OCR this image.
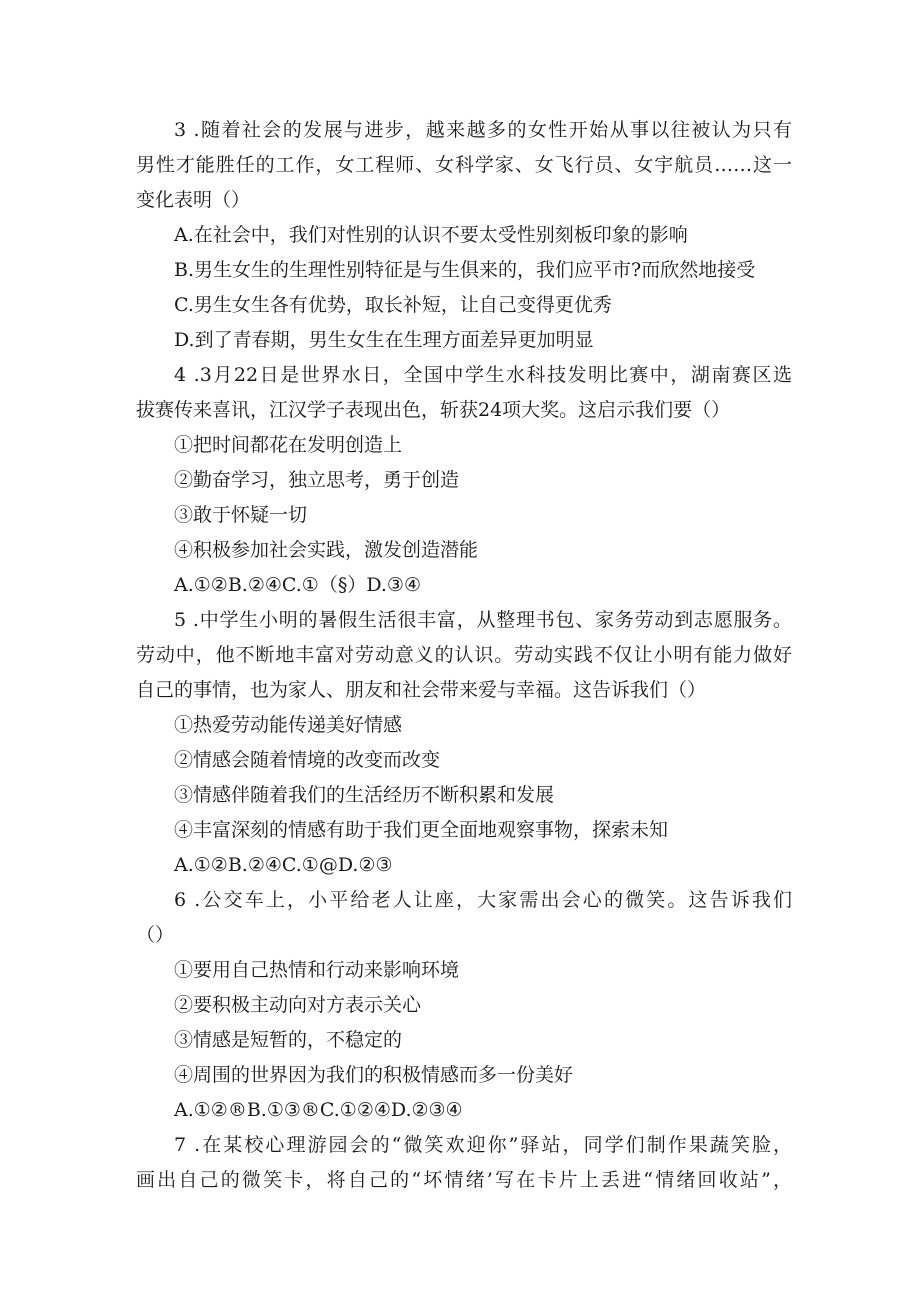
3 .随着社会的发展与进步，越来越多的女性开始从事以往被认为只有
男性才能胜任的工作，女工程师、女科学家、女飞行员、女宇航员……这一
变化表明（）
A.在社会中，我们对性别的认识不要太受性别刻板印象的影响
B.男生女生的生理性别特征是与生俱来的，我们应平市?而欣然地接受
C.男生女生各有优势，取长补短，让自己变得更优秀
D.到了青春期，男生女生在生理方面差异更加明显
4 .3月22日是世界水日，全国中学生水科技发明比赛中，湖南赛区选
拔赛传来喜讯，江汉学子表现出色，斩获24项大奖。这启示我们要（）
①把时间都花在发明创造上
②勤奋学习，独立思考，勇于创造
③敢于怀疑一切
④积极参加社会实践，激发创造潜能
A.①②B.②④C.①（§）D.③④
5 .中学生小明的暑假生活很丰富，从整理书包、家务劳动到志愿服务。
劳动中，他不断地丰富对劳动意义的认识。劳动实践不仅让小明有能力做好
自己的事情，也为家人、朋友和社会带来爱与幸福。这告诉我们（）
①热爱劳动能传递美好情感
②情感会随着情境的改变而改变
③情感伴随着我们的生活经历不断积累和发展
④丰富深刻的情感有助于我们更全面地观察事物，探索未知
A.①②B.②④C.①@D.②③
6 .公交车上，小平给老人让座，大家需出会心的微笑。这告诉我们
（）
①要用自己热情和行动来影响环境
②要积极主动向对方表示关心
③情感是短暂的，不稳定的
④周围的世界因为我们的积极情感而多一份美好
A.①②®B.①③®C.①②④D.②③④
7 .在某校心理游园会的“微笑欢迎你”驿站，同学们制作果蔬笑脸，
画出自己的微笑卡，将自己的“坏情绪’写在卡片上丢进“情绪回收站”，
